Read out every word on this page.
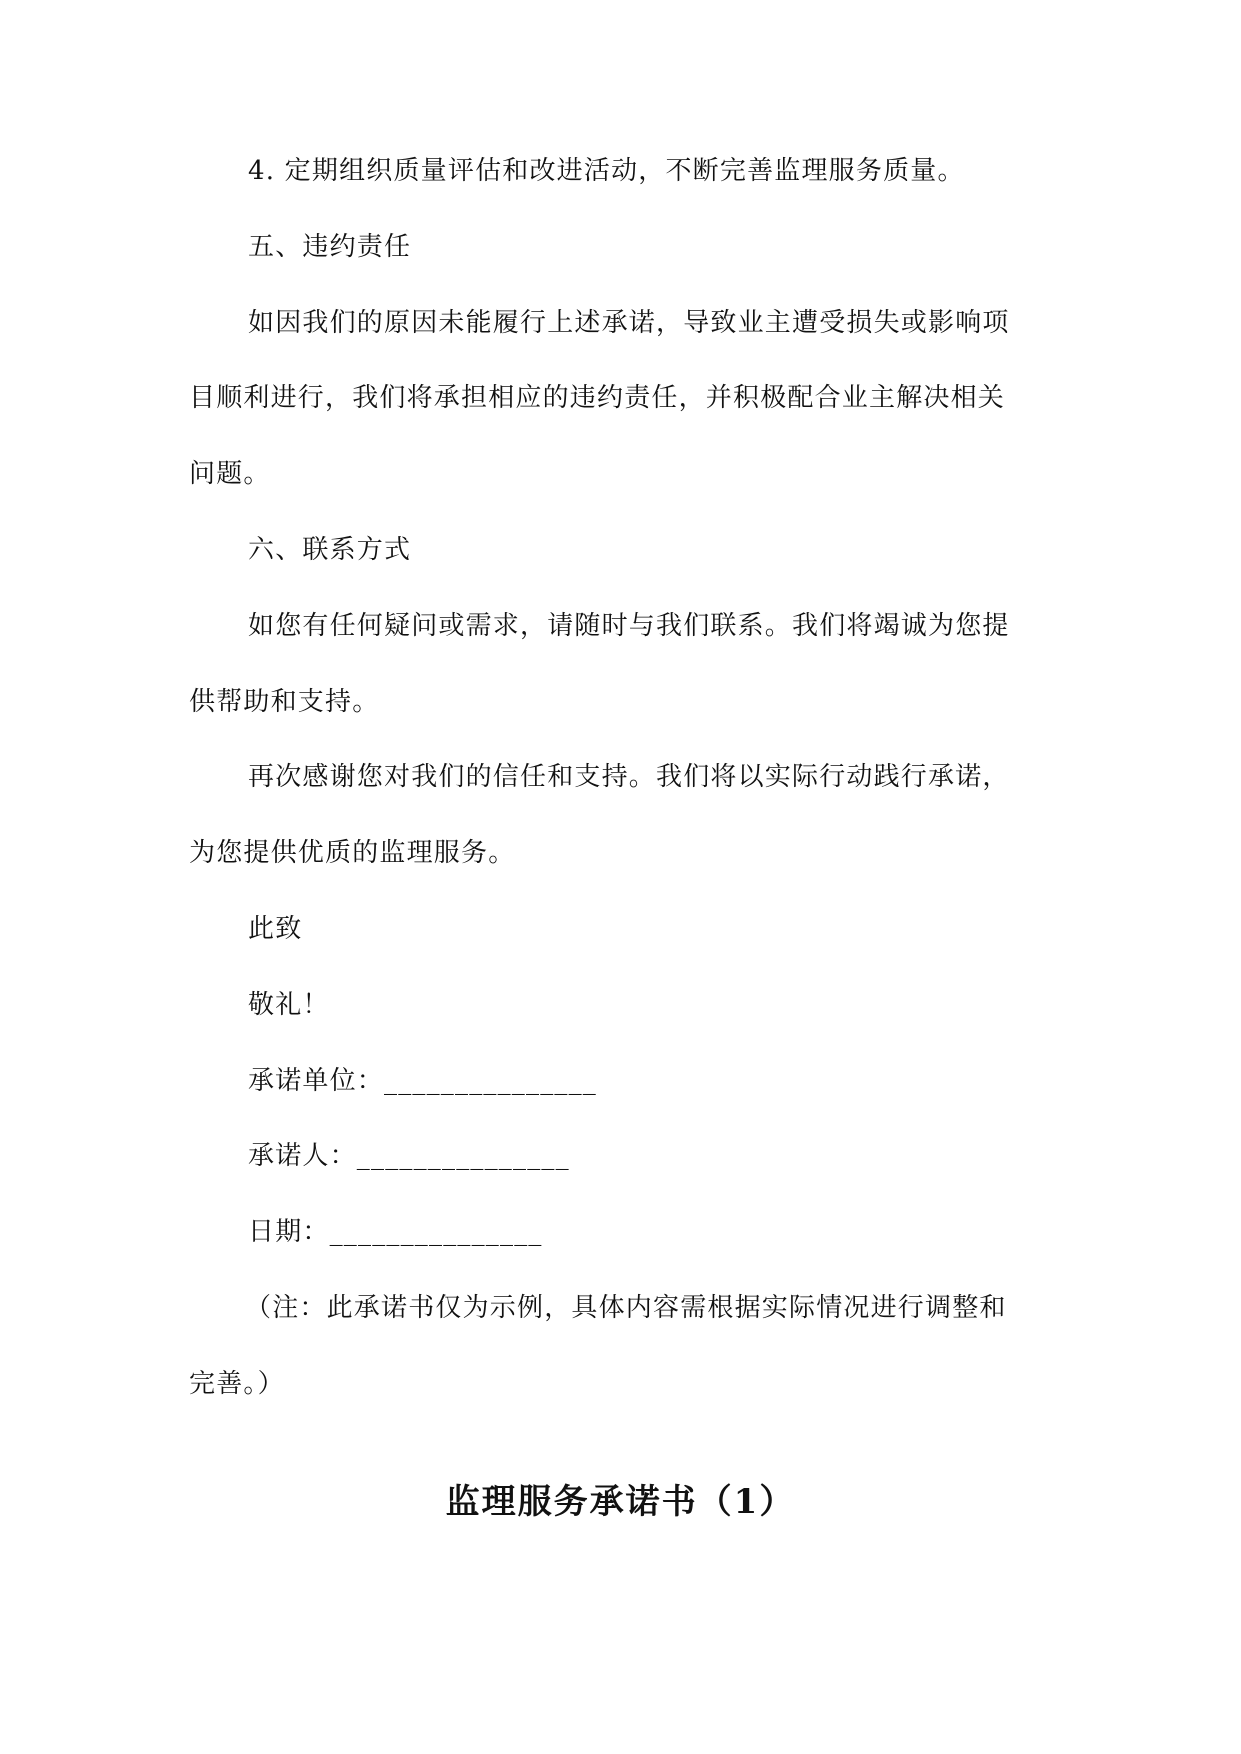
4. 定期组织质量评估和改进活动，不断完善监理服务质量。
五、违约责任
如因我们的原因未能履行上述承诺，导致业主遭受损失或影响项
目顺利进行，我们将承担相应的违约责任，并积极配合业主解决相关
问题。
六、联系方式
如您有任何疑问或需求，请随时与我们联系。我们将竭诚为您提
供帮助和支持。
再次感谢您对我们的信任和支持。我们将以实际行动践行承诺，
为您提供优质的监理服务。
此致
敬礼！
承诺单位：_______________
承诺人：_______________
日期：_______________
（注：此承诺书仅为示例，具体内容需根据实际情况进行调整和
完善。）
监理服务承诺书（1）
